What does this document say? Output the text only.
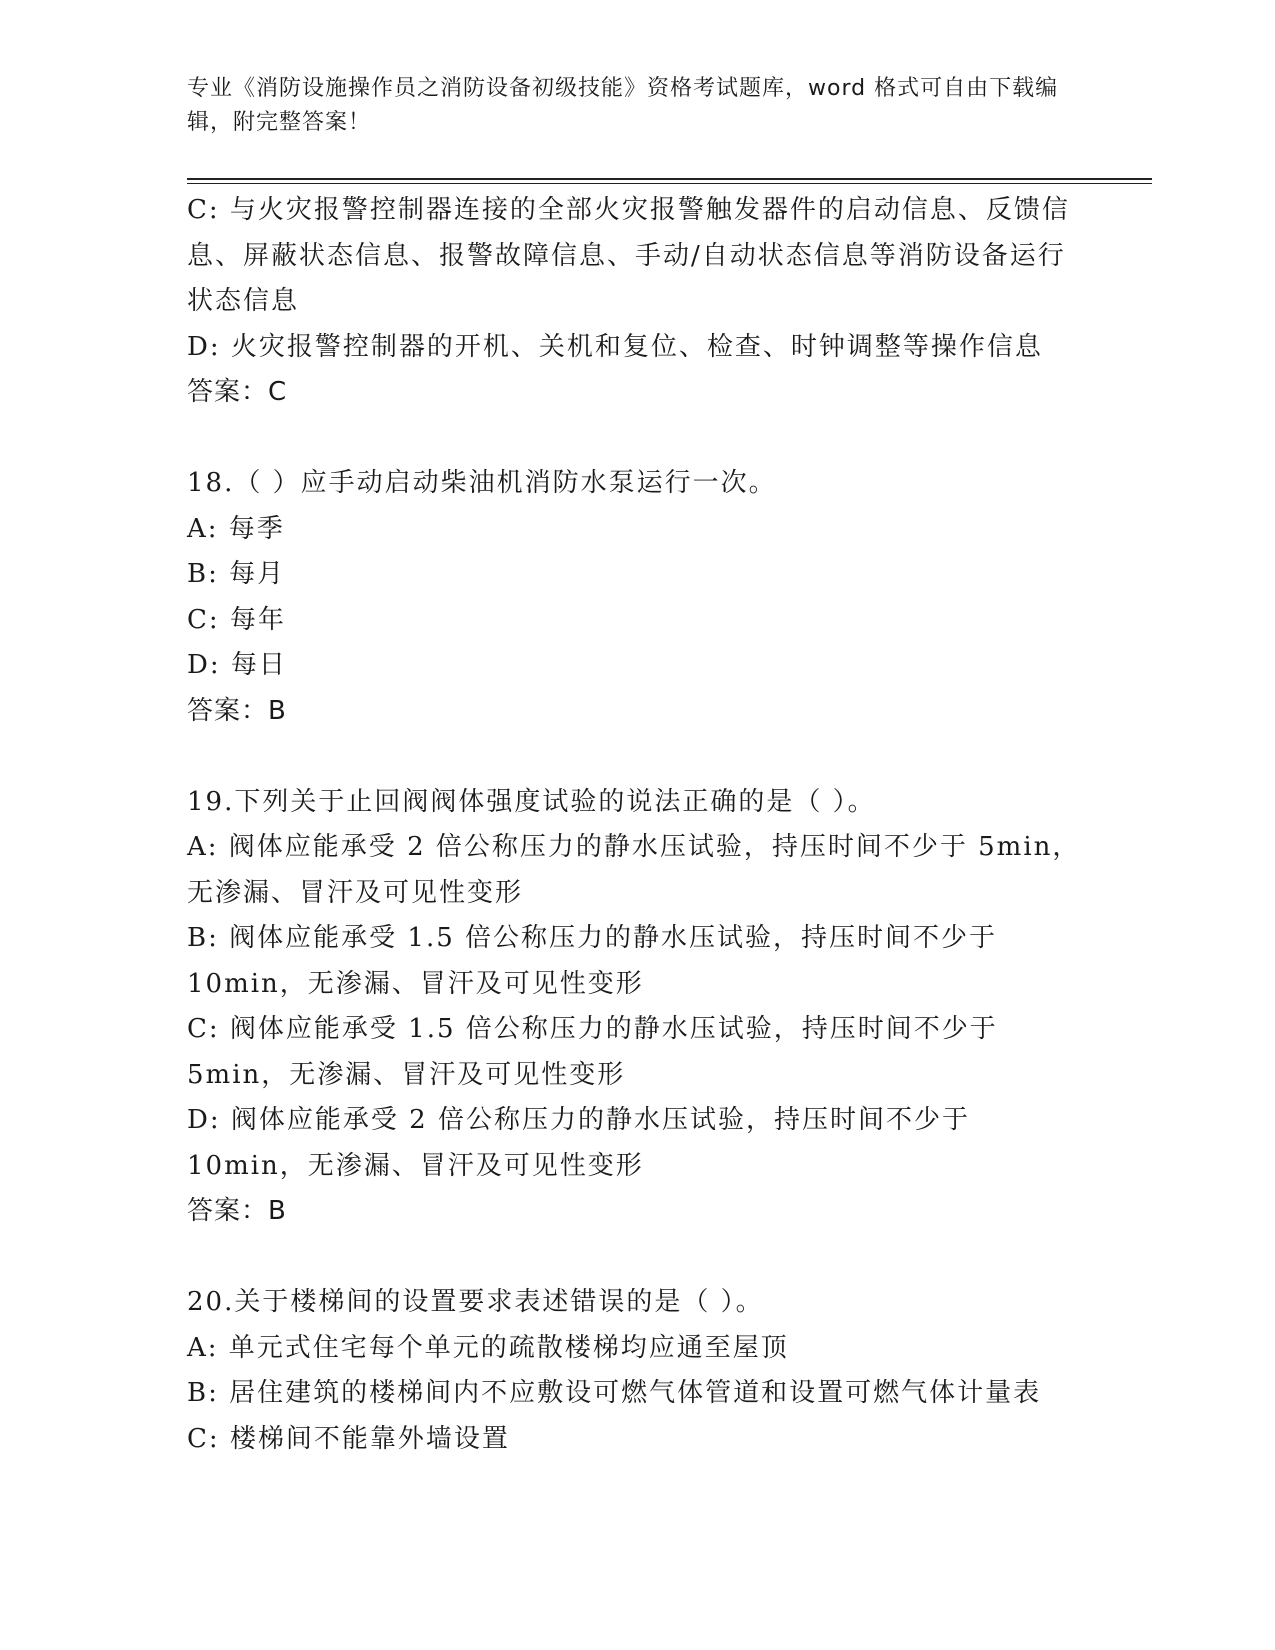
专业《消防设施操作员之消防设备初级技能》资格考试题库，word 格式可自由下载编辑，附完整答案！

C: 与火灾报警控制器连接的全部火灾报警触发器件的启动信息、反馈信息、屏蔽状态信息、报警故障信息、手动/自动状态信息等消防设备运行状态信息

D: 火灾报警控制器的开机、关机和复位、检查、时钟调整等操作信息

答案：C

18.（ ）应手动启动柴油机消防水泵运行一次。

A: 每季

B: 每月

C: 每年

D: 每日

答案：B

19.下列关于止回阀阀体强度试验的说法正确的是（ ）。

A: 阀体应能承受 2 倍公称压力的静水压试验，持压时间不少于 5min，无渗漏、冒汗及可见性变形

B: 阀体应能承受 1.5 倍公称压力的静水压试验，持压时间不少于 10min，无渗漏、冒汗及可见性变形

C: 阀体应能承受 1.5 倍公称压力的静水压试验，持压时间不少于 5min，无渗漏、冒汗及可见性变形

D: 阀体应能承受 2 倍公称压力的静水压试验，持压时间不少于 10min，无渗漏、冒汗及可见性变形

答案：B

20.关于楼梯间的设置要求表述错误的是（ ）。

A: 单元式住宅每个单元的疏散楼梯均应通至屋顶

B: 居住建筑的楼梯间内不应敷设可燃气体管道和设置可燃气体计量表

C: 楼梯间不能靠外墙设置
